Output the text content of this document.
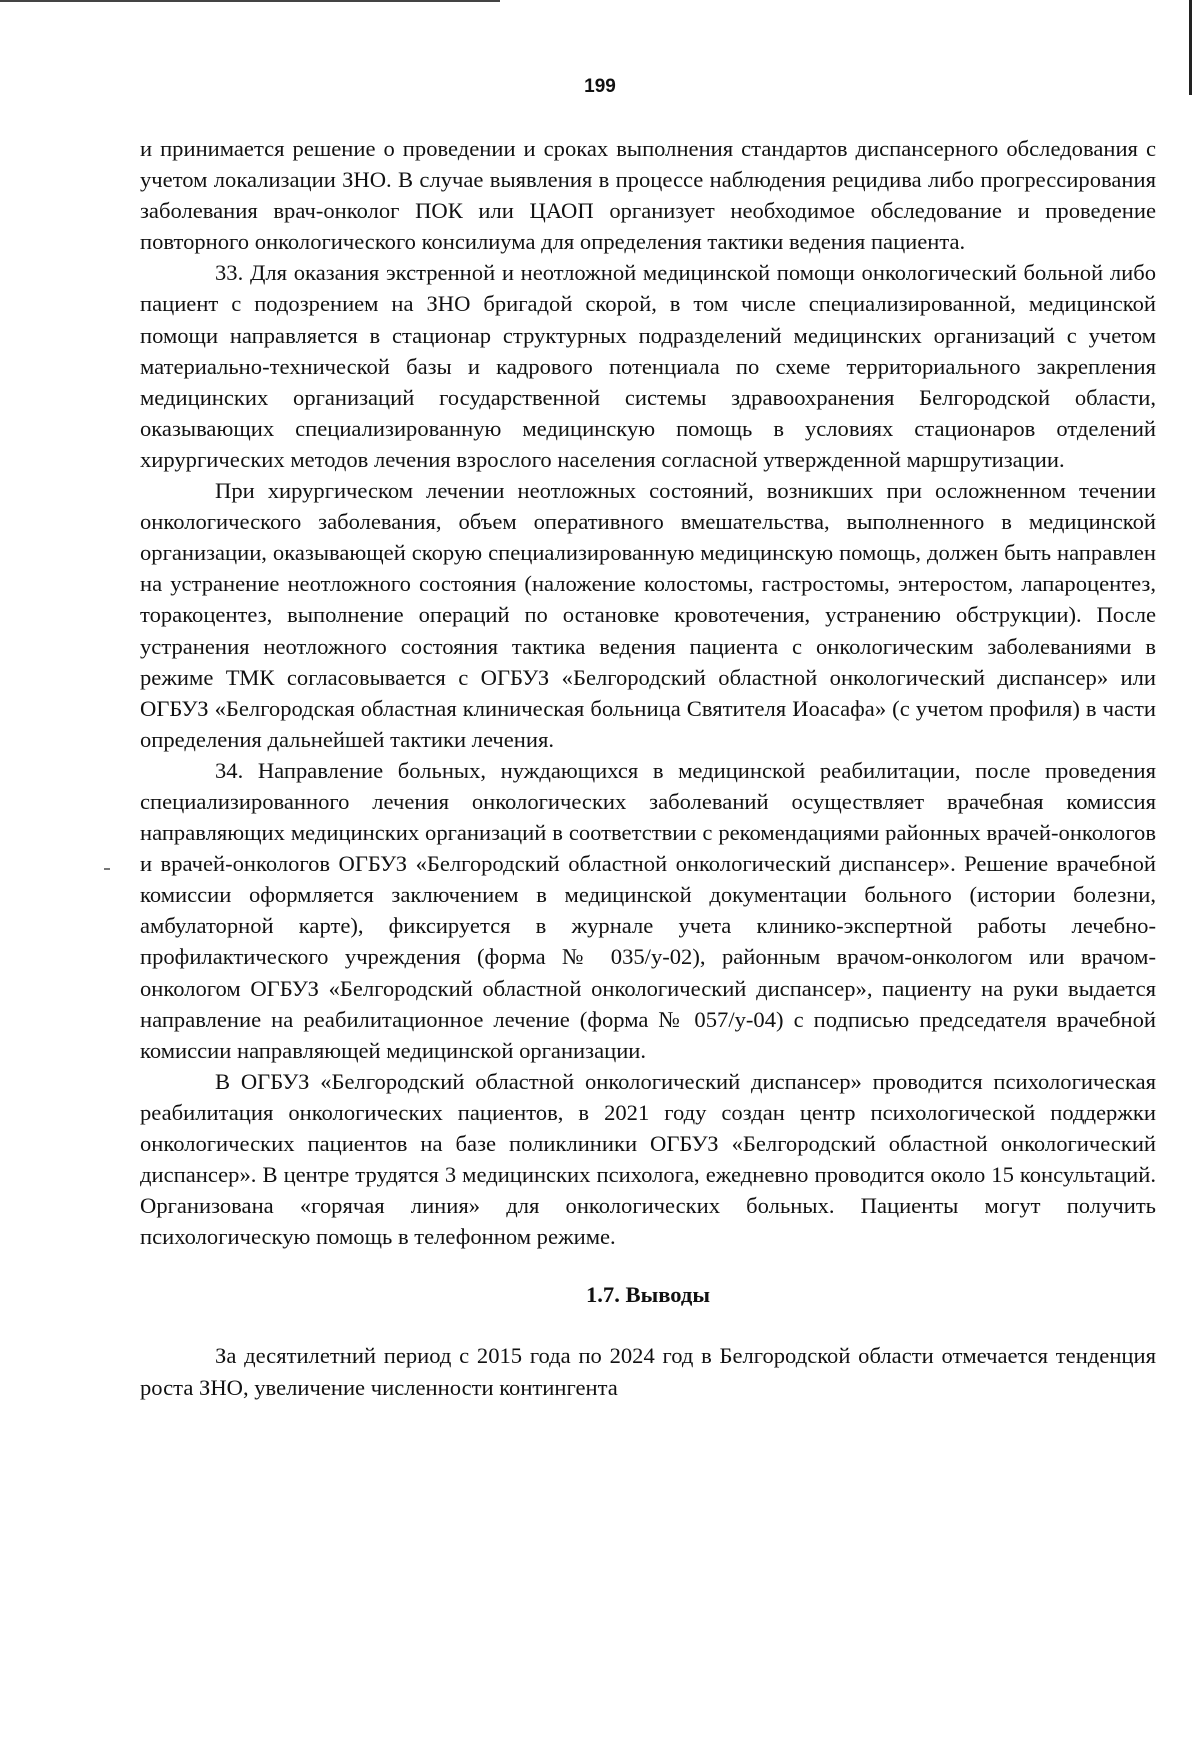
199

и принимается решение о проведении и сроках выполнения стандартов диспансерного обследования с учетом локализации ЗНО. В случае выявления в процессе наблюдения рецидива либо прогрессирования заболевания врач-онколог ПОК или ЦАОП организует необходимое обследование и проведение повторного онкологического консилиума для определения тактики ведения пациента.

33. Для оказания экстренной и неотложной медицинской помощи онкологический больной либо пациент с подозрением на ЗНО бригадой скорой, в том числе специализированной, медицинской помощи направляется в стационар структурных подразделений медицинских организаций с учетом материально-технической базы и кадрового потенциала по схеме территориального закрепления медицинских организаций государственной системы здравоохранения Белгородской области, оказывающих специализированную медицинскую помощь в условиях стационаров отделений хирургических методов лечения взрослого населения согласной утвержденной маршрутизации.

При хирургическом лечении неотложных состояний, возникших при осложненном течении онкологического заболевания, объем оперативного вмешательства, выполненного в медицинской организации, оказывающей скорую специализированную медицинскую помощь, должен быть направлен на устранение неотложного состояния (наложение колостомы, гастростомы, энтеростом, лапароцентез, торакоцентез, выполнение операций по остановке кровотечения, устранению обструкции). После устранения неотложного состояния тактика ведения пациента с онкологическим заболеваниями в режиме ТМК согласовывается с ОГБУЗ «Белгородский областной онкологический диспансер» или ОГБУЗ «Белгородская областная клиническая больница Святителя Иоасафа» (с учетом профиля) в части определения дальнейшей тактики лечения.

34. Направление больных, нуждающихся в медицинской реабилитации, после проведения специализированного лечения онкологических заболеваний осуществляет врачебная комиссия направляющих медицинских организаций в соответствии с рекомендациями районных врачей-онкологов и врачей-онкологов ОГБУЗ «Белгородский областной онкологический диспансер». Решение врачебной комиссии оформляется заключением в медицинской документации больного (истории болезни, амбулаторной карте), фиксируется в журнале учета клинико-экспертной работы лечебно-профилактического учреждения (форма № 035/у-02), районным врачом-онкологом или врачом-онкологом ОГБУЗ «Белгородский областной онкологический диспансер», пациенту на руки выдается направление на реабилитационное лечение (форма № 057/у-04) с подписью председателя врачебной комиссии направляющей медицинской организации.

В ОГБУЗ «Белгородский областной онкологический диспансер» проводится психологическая реабилитация онкологических пациентов, в 2021 году создан центр психологической поддержки онкологических пациентов на базе поликлиники ОГБУЗ «Белгородский областной онкологический диспансер». В центре трудятся 3 медицинских психолога, ежедневно проводится около 15 консультаций. Организована «горячая линия» для онкологических больных. Пациенты могут получить психологическую помощь в телефонном режиме.

1.7. Выводы

За десятилетний период с 2015 года по 2024 год в Белгородской области отмечается тенденция роста ЗНО, увеличение численности контингента
